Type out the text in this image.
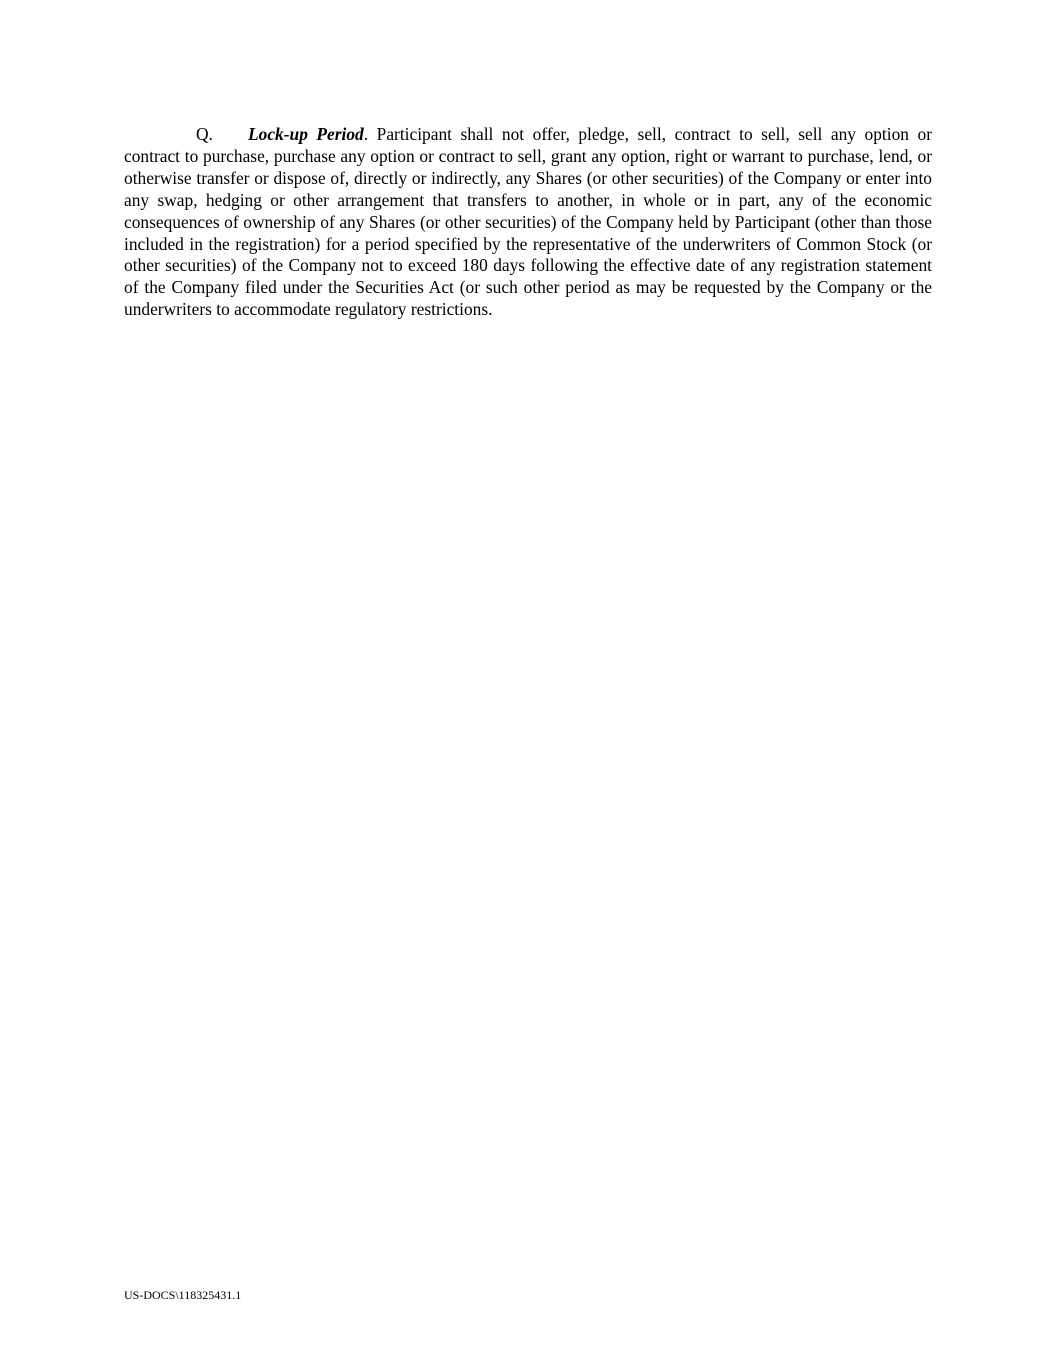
Q. Lock-up Period. Participant shall not offer, pledge, sell, contract to sell, sell any option or contract to purchase, purchase any option or contract to sell, grant any option, right or warrant to purchase, lend, or otherwise transfer or dispose of, directly or indirectly, any Shares (or other securities) of the Company or enter into any swap, hedging or other arrangement that transfers to another, in whole or in part, any of the economic consequences of ownership of any Shares (or other securities) of the Company held by Participant (other than those included in the registration) for a period specified by the representative of the underwriters of Common Stock (or other securities) of the Company not to exceed 180 days following the effective date of any registration statement of the Company filed under the Securities Act (or such other period as may be requested by the Company or the underwriters to accommodate regulatory restrictions.

US-DOCS\118325431.1
